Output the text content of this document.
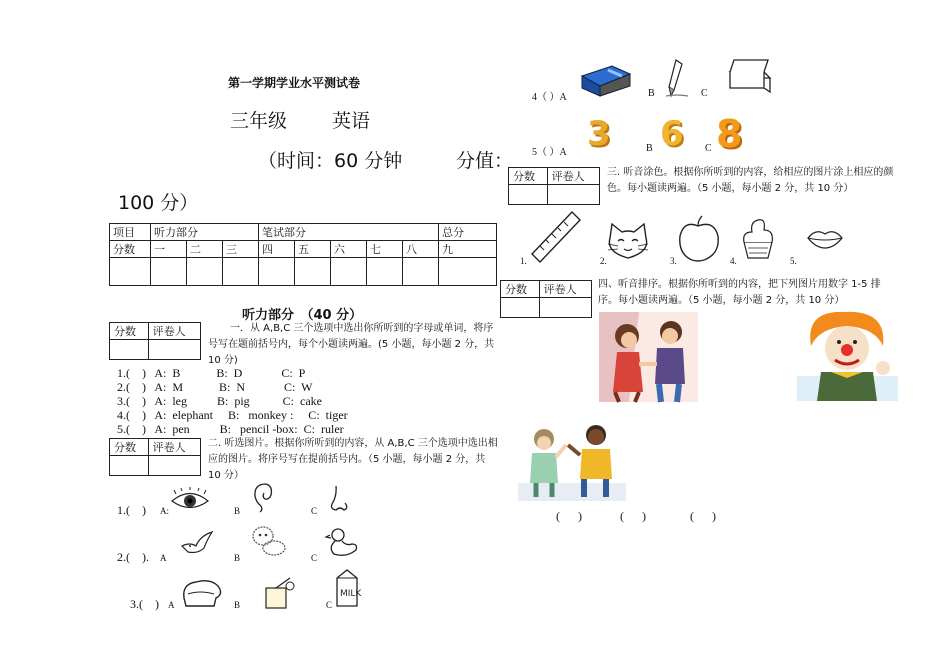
第一学期学业水平测试卷
三年级 英语
（时间：60 分钟	分值：
100 分）
项目	听力部分			笔试部分					总分
分数	一	二	三	四	五	六	七	八	九

听力部分　（40 分）
分数	评卷人
		一．从 A,B,C 三个选项中选出你所听到的字母或单词，将序号写在题前括号内，每个小题读两遍。(5 小题，每小题 2 分，共 10 分)
1.(    )   A:  B            B:  D             C:  P
2.(    )   A:  M            B:  N             C:  W
3.(    )   A:  leg          B:  pig           C:  cake
4.(    )   A:  elephant     B:   monkey :     C:  tiger
5.(    )   A:  pen          B:   pencil -box:  C:  ruler
分数	评卷人
	二. 听选图片。根据你所听到的内容，从 A,B,C 三个选项中选出相应的图片。将序号写在提前括号内。（5 小题，每小题 2 分，共 10 分）
1.(    ) A:	B	C
2.(    ). A	B	C
3.(    ) A	B	C
MILK
4（ ）A	B	C
5（ ）A 3	B 6 C 8
分数	评卷人
	三. 听音涂色。根据你所听到的内容，给相应的图片涂上相应的颜色。每小题读两遍。（5 小题，每小题 2 分，共 10 分）
1.	2.	3.	4.	5.
分数	评卷人
	四、听音排序。根据你所听到的内容，把下列图片用数字 1-5 排序。每小题读两遍。（5 小题，每小题 2 分，共 10 分）
(      )	(      )	(      )
